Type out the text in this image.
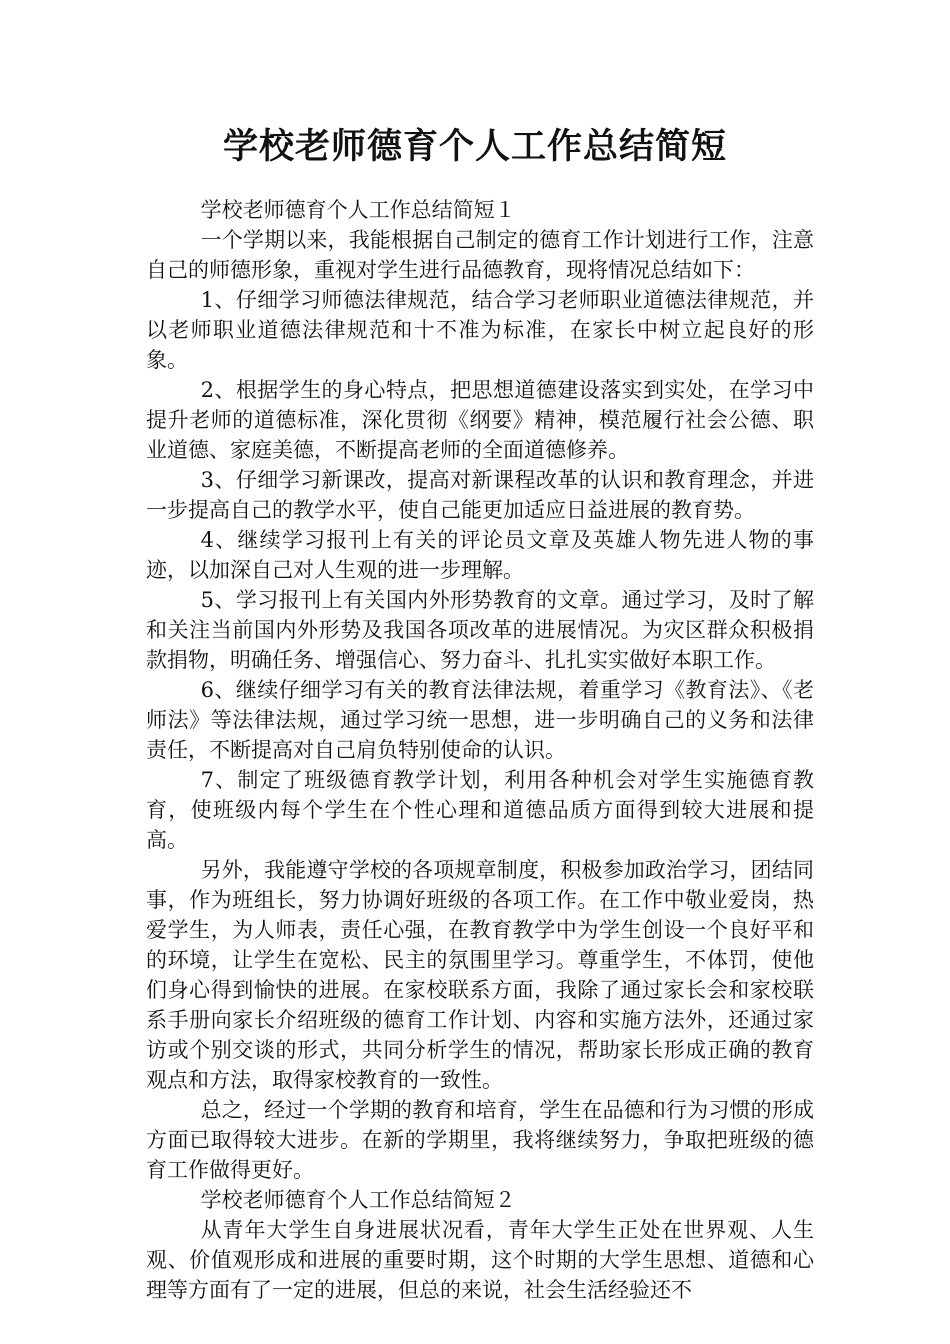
学校老师德育个人工作总结简短

学校老师德育个人工作总结简短１

一个学期以来，我能根据自己制定的德育工作计划进行工作，注意自己的师德形象，重视对学生进行品德教育，现将情况总结如下：

1、仔细学习师德法律规范，结合学习老师职业道德法律规范，并以老师职业道德法律规范和十不准为标准，在家长中树立起良好的形象。

2、根据学生的身心特点，把思想道德建设落实到实处，在学习中提升老师的道德标准，深化贯彻《纲要》精神，模范履行社会公德、职业道德、家庭美德，不断提高老师的全面道德修养。

3、仔细学习新课改，提高对新课程改革的认识和教育理念，并进一步提高自己的教学水平，使自己能更加适应日益进展的教育势。

4、继续学习报刊上有关的评论员文章及英雄人物先进人物的事迹，以加深自己对人生观的进一步理解。

5、学习报刊上有关国内外形势教育的文章。通过学习，及时了解和关注当前国内外形势及我国各项改革的进展情况。为灾区群众积极捐款捐物，明确任务、增强信心、努力奋斗、扎扎实实做好本职工作。

6、继续仔细学习有关的教育法律法规，着重学习《教育法》、《老师法》等法律法规，通过学习统一思想，进一步明确自己的义务和法律责任，不断提高对自己肩负特别使命的认识。

7、制定了班级德育教学计划，利用各种机会对学生实施德育教育，使班级内每个学生在个性心理和道德品质方面得到较大进展和提高。

另外，我能遵守学校的各项规章制度，积极参加政治学习，团结同事，作为班组长，努力协调好班级的各项工作。在工作中敬业爱岗，热爱学生，为人师表，责任心强，在教育教学中为学生创设一个良好平和的环境，让学生在宽松、民主的氛围里学习。尊重学生，不体罚，使他们身心得到愉快的进展。在家校联系方面，我除了通过家长会和家校联系手册向家长介绍班级的德育工作计划、内容和实施方法外，还通过家访或个别交谈的形式，共同分析学生的情况，帮助家长形成正确的教育观点和方法，取得家校教育的一致性。

总之，经过一个学期的教育和培育，学生在品德和行为习惯的形成方面已取得较大进步。在新的学期里，我将继续努力，争取把班级的德育工作做得更好。

学校老师德育个人工作总结简短２

从青年大学生自身进展状况看，青年大学生正处在世界观、人生观、价值观形成和进展的重要时期，这个时期的大学生思想、道德和心理等方面有了一定的进展，但总的来说，社会生活经验还不
